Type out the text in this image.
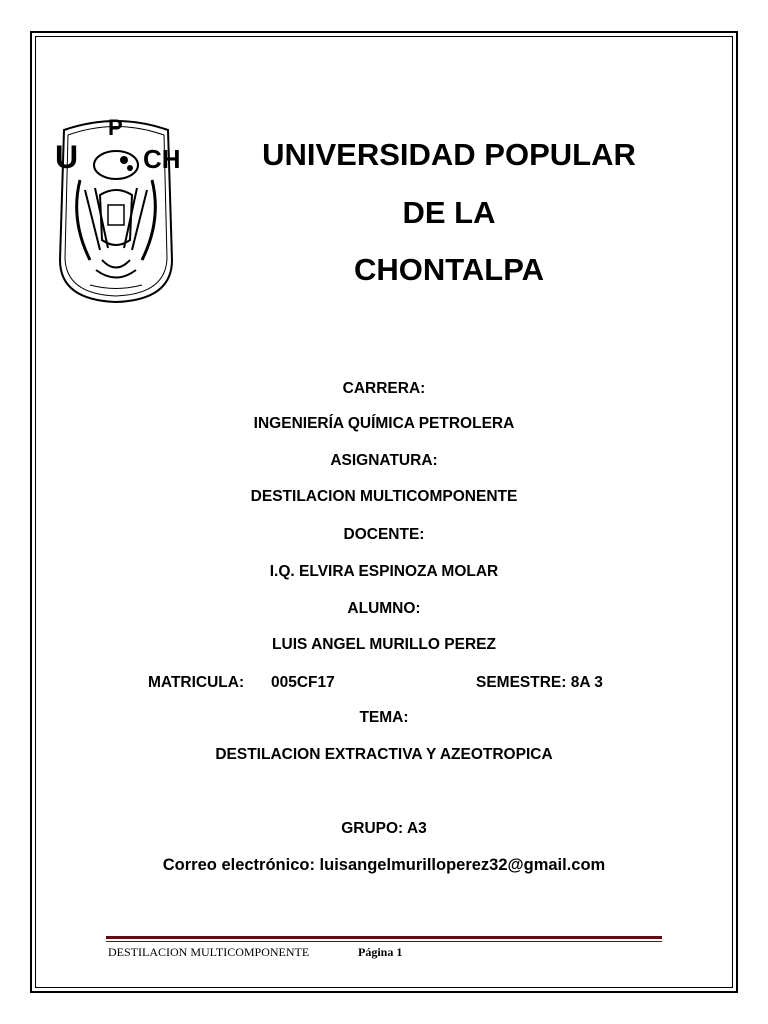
P
U CH	UNIVERSIDAD POPULAR
DE LA
CHONTALPA
CARRERA:
INGENIERÍA QUÍMICA PETROLERA
ASIGNATURA:
DESTILACION MULTICOMPONENTE
DOCENTE:
I.Q. ELVIRA ESPINOZA MOLAR
ALUMNO:
LUIS ANGEL MURILLO PEREZ
MATRICULA: 005CF17	SEMESTRE: 8A 3
TEMA:
DESTILACION EXTRACTIVA Y AZEOTROPICA
GRUPO: A3
Correo electrónico: luisangelmurilloperez32@gmail.com
DESTILACION MULTICOMPONENTE	Página 1
